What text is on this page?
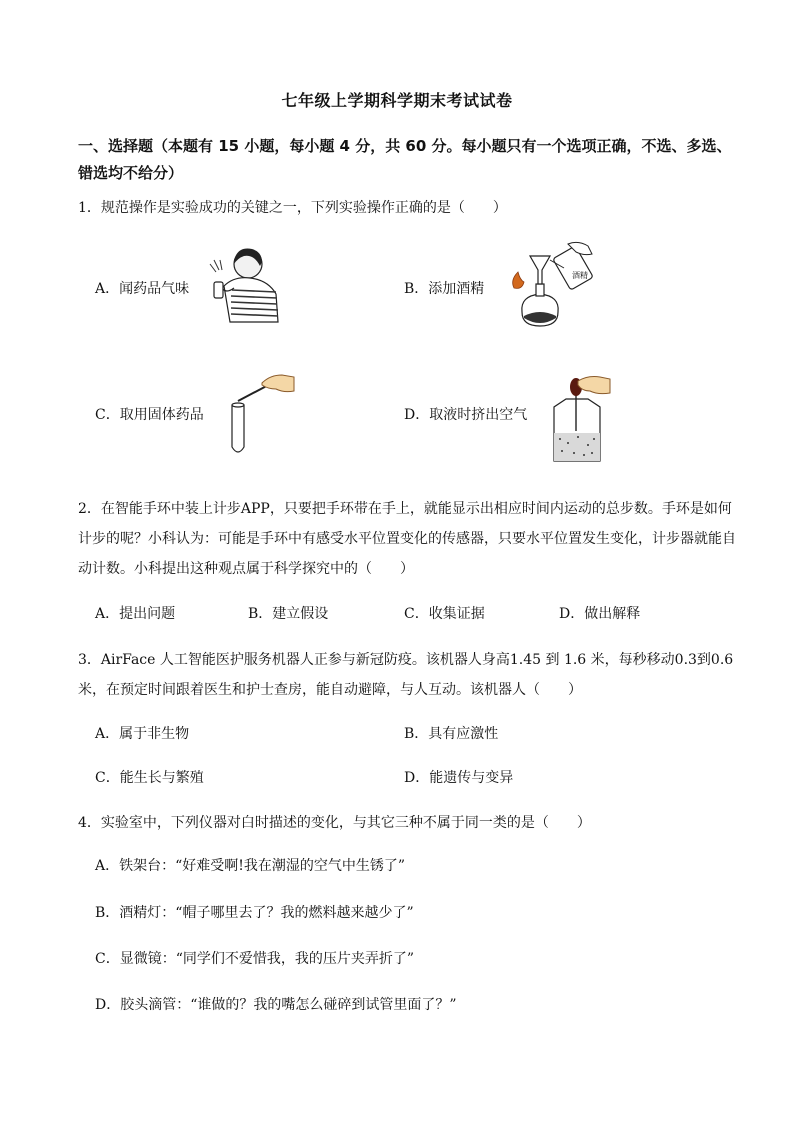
七年级上学期科学期末考试试卷
一、选择题（本题有 15 小题，每小题 4 分，共 60 分。每小题只有一个选项正确，不选、多选、错选均不给分）
1．规范操作是实验成功的关键之一，下列实验操作正确的是（　　）
A．闻药品气味	B．添加酒精
酒精
C．取用固体药品	D．取液时挤出空气
2．在智能手环中装上计步APP，只要把手环带在手上，就能显示出相应时间内运动的总步数。手环是如何计步的呢？小科认为：可能是手环中有感受水平位置变化的传感器，只要水平位置发生变化，计步器就能自动计数。小科提出这种观点属于科学探究中的（　　）
A．提出问题	B．建立假设	C．收集证据	D．做出解释
3．AirFace 人工智能医护服务机器人正参与新冠防疫。该机器人身高1.45 到 1.6 米，每秒移动0.3到0.6米，在预定时间跟着医生和护士查房，能自动避障，与人互动。该机器人（　　）
A．属于非生物	B．具有应激性
C．能生长与繁殖	D．能遗传与变异
4．实验室中，下列仪器对白时描述的变化，与其它三种不属于同一类的是（　　）
A．铁架台：“好难受啊!我在潮湿的空气中生锈了”
B．酒精灯：“帽子哪里去了？我的燃料越来越少了”
C．显微镜：“同学们不爱惜我，我的压片夹弄折了”
D．胶头滴管：“谁做的？我的嘴怎么碰碎到试管里面了？”
